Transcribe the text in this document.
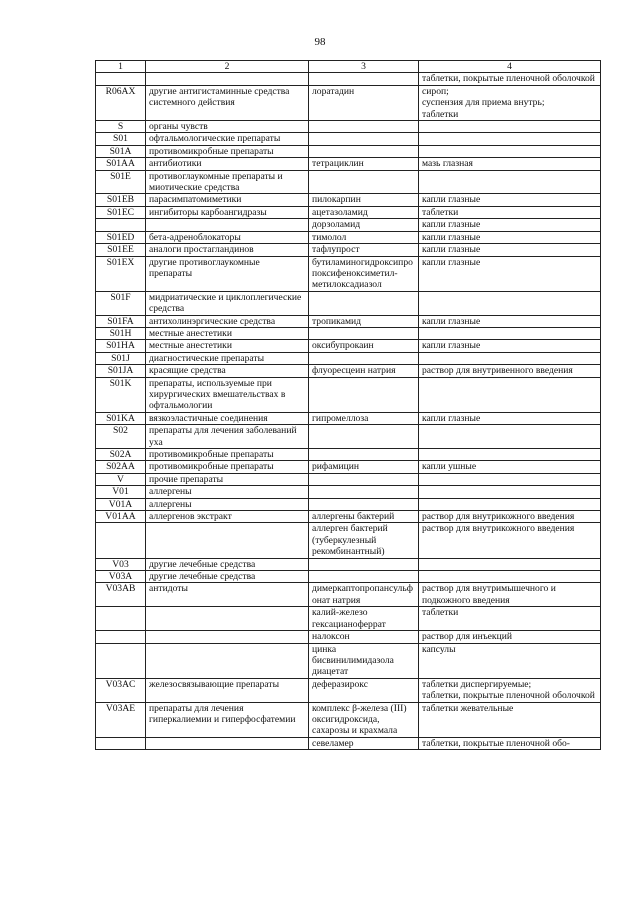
98
1	2	3	4
			таблетки, покрытые пленочной оболочкой
R06AX	другие антигистаминные средства системного действия	лоратадин	сироп;
суспензия для приема внутрь;
таблетки
S	органы чувств		
S01	офтальмологические препараты		
S01A	противомикробные препараты		
S01AA	антибиотики	тетрациклин	мазь глазная
S01E	противоглаукомные препараты и миотические средства		
S01EB	парасимпатомиметики	пилокарпин	капли глазные
S01EC	ингибиторы карбоангидразы	ацетазоламид	таблетки
		дорзоламид	капли глазные
S01ED	бета-адреноблокаторы	тимолол	капли глазные
S01EE	аналоги простагландинов	тафлупрост	капли глазные
S01EX	другие противоглаукомные препараты	бутиламиногидроксипропоксифеноксиметил-метилоксадиазол	капли глазные
S01F	мидриатические и циклоплегические средства		
S01FA	антихолинэргические средства	тропикамид	капли глазные
S01H	местные анестетики		
S01HA	местные анестетики	оксибупрокаин	капли глазные
S01J	диагностические препараты		
S01JA	красящие средства	флуоресцеин натрия	раствор для внутривенного введения
S01K	препараты, используемые при хирургических вмешательствах в офтальмологии		
S01KA	вязкоэластичные соединения	гипромеллоза	капли глазные
S02	препараты для лечения заболеваний уха		
S02A	противомикробные препараты		
S02AA	противомикробные препараты	рифамицин	капли ушные
V	прочие препараты		
V01	аллергены		
V01A	аллергены		
V01AA	аллергенов экстракт	аллергены бактерий	раствор для внутрикожного введения
		аллерген бактерий (туберкулезный рекомбинантный)	раствор для внутрикожного введения
V03	другие лечебные средства		
V03A	другие лечебные средства		
V03AB	антидоты	димеркаптопропансульфонат натрия	раствор для внутримышечного и подкожного введения
		калий-железо гексацианоферрат	таблетки
		налоксон	раствор для инъекций
		цинка бисвинилимидазола диацетат	капсулы
V03AC	железосвязывающие препараты	деферазирокс	таблетки диспергируемые;
таблетки, покрытые пленочной оболочкой
V03AE	препараты для лечения гиперкалиемии и гиперфосфатемии	комплекс β-железа (III) оксигидроксида, сахарозы и крахмала	таблетки жевательные
		севеламер	таблетки, покрытые пленочной обо-
